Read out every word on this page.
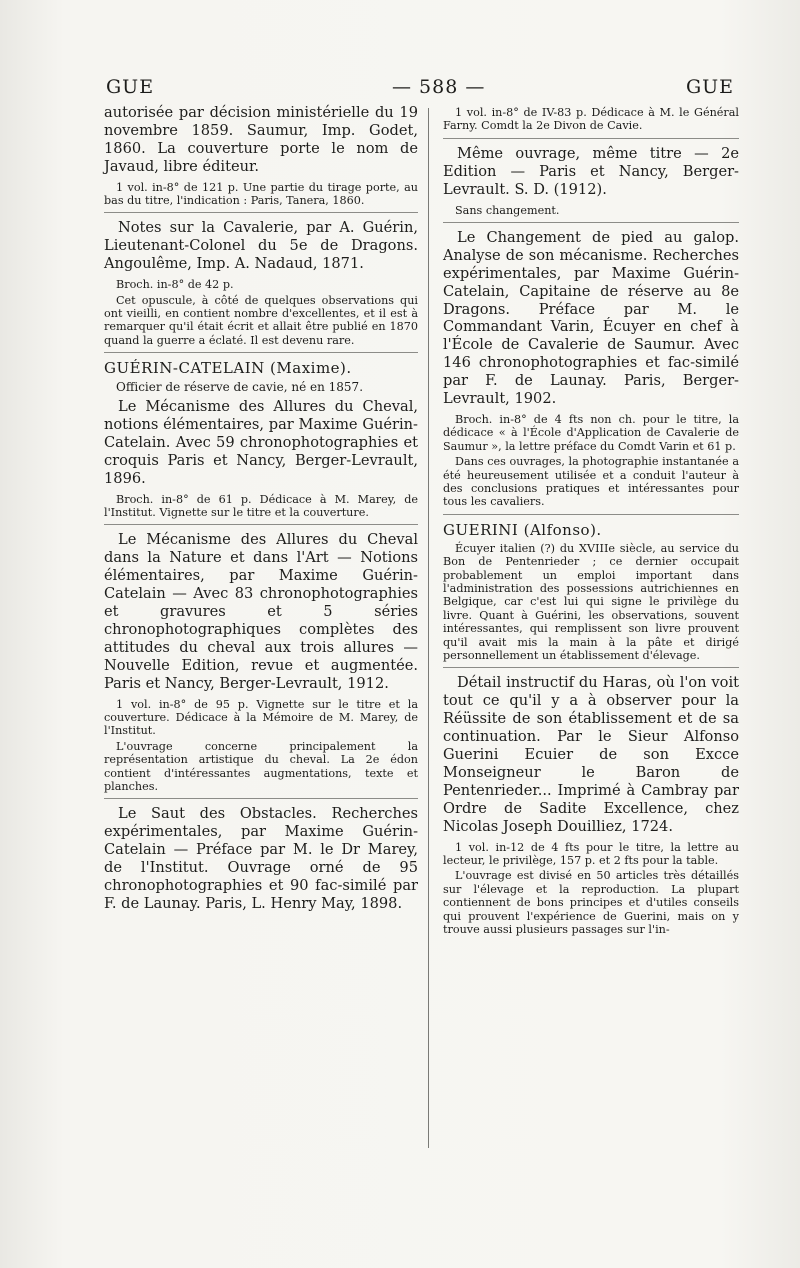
GUE	— 588 —	GUE

autorisée par décision ministérielle du 19 novembre 1859. Saumur, Imp. Godet, 1860. La couverture porte le nom de Javaud, libre éditeur.

1 vol. in-8° de 121 p. Une partie du tirage porte, au bas du titre, l'indication : Paris, Tanera, 1860.

Notes sur la Cavalerie, par A. Guérin, Lieutenant-Colonel du 5e de Dragons. Angoulême, Imp. A. Nadaud, 1871.

Broch. in-8° de 42 p.

Cet opuscule, à côté de quelques observations qui ont vieilli, en contient nombre d'excellentes, et il est à remarquer qu'il était écrit et allait être publié en 1870 quand la guerre a éclaté. Il est devenu rare.

GUÉRIN-CATELAIN (Maxime).

Officier de réserve de cavie, né en 1857.

Le Mécanisme des Allures du Cheval, notions élémentaires, par Maxime Guérin-Catelain. Avec 59 chronophotographies et croquis Paris et Nancy, Berger-Levrault, 1896.

Broch. in-8° de 61 p. Dédicace à M. Marey, de l'Institut. Vignette sur le titre et la couverture.

Le Mécanisme des Allures du Cheval dans la Nature et dans l'Art — Notions élémentaires, par Maxime Guérin-Catelain — Avec 83 chronophotographies et gravures et 5 séries chronophotographiques complètes des attitudes du cheval aux trois allures — Nouvelle Edition, revue et augmentée. Paris et Nancy, Berger-Levrault, 1912.

1 vol. in-8° de 95 p. Vignette sur le titre et la couverture. Dédicace à la Mémoire de M. Marey, de l'Institut.

L'ouvrage concerne principalement la représentation artistique du cheval. La 2e édon contient d'intéressantes augmentations, texte et planches.

Le Saut des Obstacles. Recherches expérimentales, par Maxime Guérin-Catelain — Préface par M. le Dr Marey, de l'Institut. Ouvrage orné de 95 chronophotographies et 90 fac-similé par F. de Launay. Paris, L. Henry May, 1898.

1 vol. in-8° de IV-83 p. Dédicace à M. le Général Farny. Comdt la 2e Divon de Cavie.

Même ouvrage, même titre — 2e Edition — Paris et Nancy, Berger-Levrault. S. D. (1912).

Sans changement.

Le Changement de pied au galop. Analyse de son mécanisme. Recherches expérimentales, par Maxime Guérin-Catelain, Capitaine de réserve au 8e Dragons. Préface par M. le Commandant Varin, Écuyer en chef à l'École de Cavalerie de Saumur. Avec 146 chronophotographies et fac-similé par F. de Launay. Paris, Berger-Levrault, 1902.

Broch. in-8° de 4 fts non ch. pour le titre, la dédicace « à l'École d'Application de Cavalerie de Saumur », la lettre préface du Comdt Varin et 61 p.

Dans ces ouvrages, la photographie instantanée a été heureusement utilisée et a conduit l'auteur à des conclusions pratiques et intéressantes pour tous les cavaliers.

GUERINI (Alfonso).

Écuyer italien (?) du XVIIIe siècle, au service du Bon de Pentenrieder ; ce dernier occupait probablement un emploi important dans l'administration des possessions autrichiennes en Belgique, car c'est lui qui signe le privilège du livre. Quant à Guérini, les observations, souvent intéressantes, qui remplissent son livre prouvent qu'il avait mis la main à la pâte et dirigé personnellement un établissement d'élevage.

Détail instructif du Haras, où l'on voit tout ce qu'il y a à observer pour la Réüssite de son établissement et de sa continuation. Par le Sieur Alfonso Guerini Ecuier de son Excce Monseigneur le Baron de Pentenrieder... Imprimé à Cambray par Ordre de Sadite Excellence, chez Nicolas Joseph Douilliez, 1724.

1 vol. in-12 de 4 fts pour le titre, la lettre au lecteur, le privilège, 157 p. et 2 fts pour la table.

L'ouvrage est divisé en 50 articles très détaillés sur l'élevage et la reproduction. La plupart contiennent de bons principes et d'utiles conseils qui prouvent l'expérience de Guerini, mais on y trouve aussi plusieurs passages sur l'in-
